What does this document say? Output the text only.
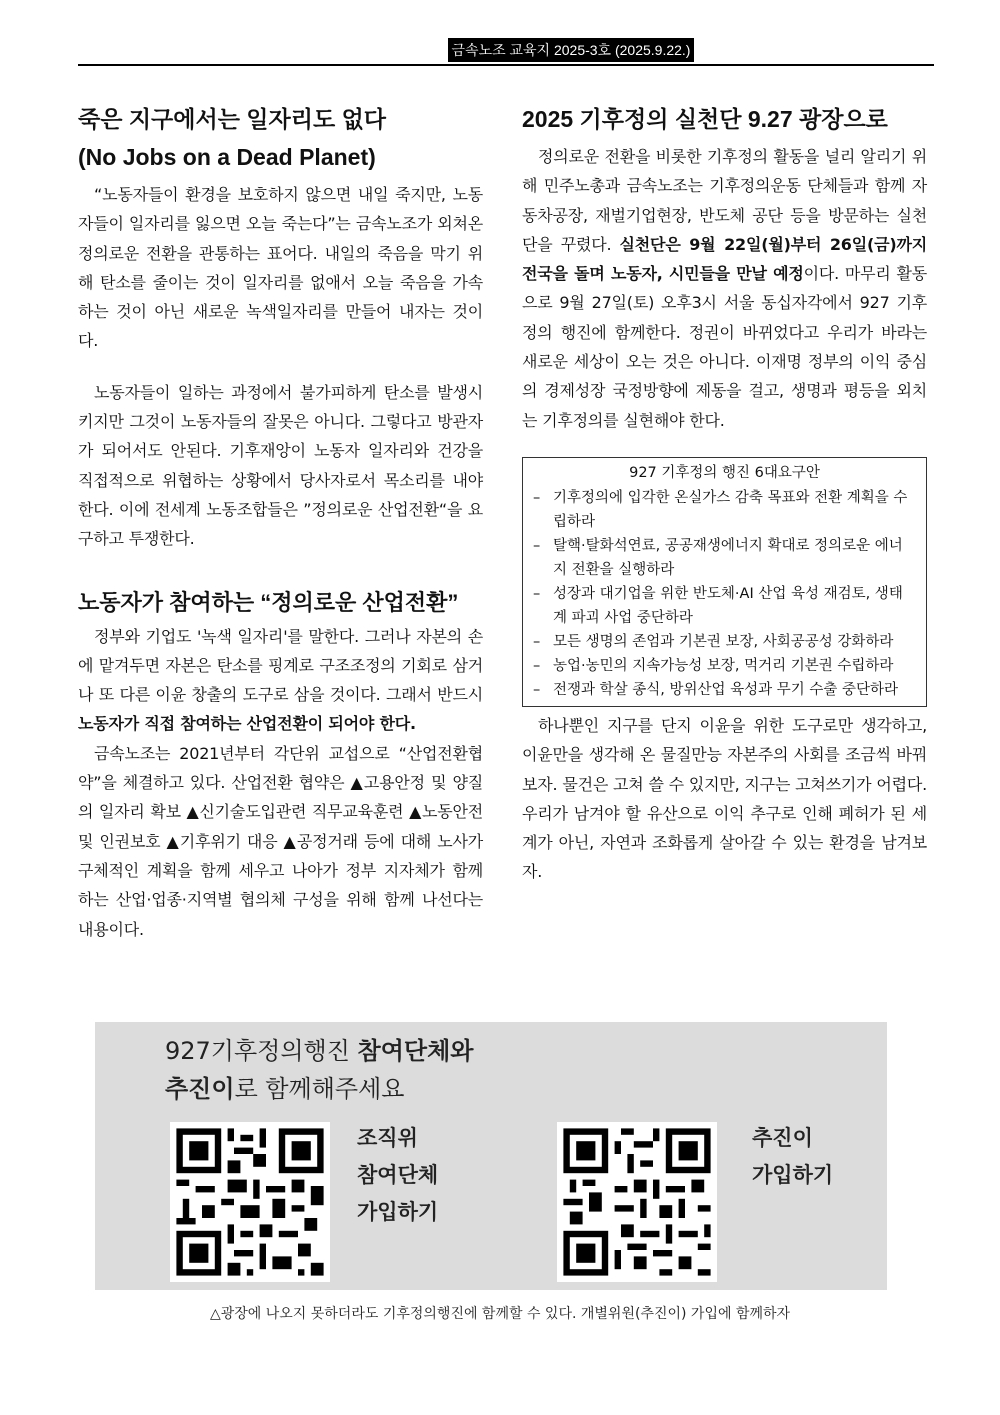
금속노조 교육지 2025-3호 (2025.9.22.)
죽은 지구에서는 일자리도 없다
(No Jobs on a Dead Planet)

“노동자들이 환경을 보호하지 않으면 내일 죽지만, 노동자들이 일자리를 잃으면 오늘 죽는다”는 금속노조가 외쳐온 정의로운 전환을 관통하는 표어다. 내일의 죽음을 막기 위해 탄소를 줄이는 것이 일자리를 없애서 오늘 죽음을 가속하는 것이 아닌 새로운 녹색일자리를 만들어 내자는 것이다.

노동자들이 일하는 과정에서 불가피하게 탄소를 발생시키지만 그것이 노동자들의 잘못은 아니다. 그렇다고 방관자가 되어서도 안된다. 기후재앙이 노동자 일자리와 건강을 직접적으로 위협하는 상황에서 당사자로서 목소리를 내야한다. 이에 전세계 노동조합들은 ”정의로운 산업전환“을 요구하고 투쟁한다.

노동자가 참여하는 “정의로운 산업전환”

정부와 기업도 '녹색 일자리'를 말한다. 그러나 자본의 손에 맡겨두면 자본은 탄소를 핑계로 구조조정의 기회로 삼거나 또 다른 이윤 창출의 도구로 삼을 것이다. 그래서 반드시 노동자가 직접 참여하는 산업전환이 되어야 한다.

금속노조는 2021년부터 각단위 교섭으로 “산업전환협약”을 체결하고 있다. 산업전환 협약은 ▲고용안정 및 양질의 일자리 확보 ▲신기술도입관련 직무교육훈련 ▲노동안전 및 인권보호 ▲기후위기 대응 ▲공정거래 등에 대해 노사가 구체적인 계획을 함께 세우고 나아가 정부 지자체가 함께 하는 산업·업종·지역별 협의체 구성을 위해 함께 나선다는 내용이다.

2025 기후정의 실천단 9.27 광장으로

정의로운 전환을 비롯한 기후정의 활동을 널리 알리기 위해 민주노총과 금속노조는 기후정의운동 단체들과 함께 자동차공장, 재벌기업현장, 반도체 공단 등을 방문하는 실천단을 꾸렸다. 실천단은 9월 22일(월)부터 26일(금)까지 전국을 돌며 노동자, 시민들을 만날 예정이다. 마무리 활동으로 9월 27일(토) 오후3시 서울 동십자각에서 927 기후정의 행진에 함께한다. 정권이 바뀌었다고 우리가 바라는 새로운 세상이 오는 것은 아니다. 이재명 정부의 이익 중심의 경제성장 국정방향에 제동을 걸고, 생명과 평등을 외치는 기후정의를 실현해야 한다.

927 기후정의 행진 6대요구안

– 기후정의에 입각한 온실가스 감축 목표와 전환 계획을 수립하라
– 탈핵·탈화석연료, 공공재생에너지 확대로 정의로운 에너지 전환을 실행하라
– 성장과 대기업을 위한 반도체·AI 산업 육성 재검토, 생태계 파괴 사업 중단하라
– 모든 생명의 존엄과 기본권 보장, 사회공공성 강화하라
– 농업·농민의 지속가능성 보장, 먹거리 기본권 수립하라
– 전쟁과 학살 종식, 방위산업 육성과 무기 수출 중단하라

하나뿐인 지구를 단지 이윤을 위한 도구로만 생각하고, 이윤만을 생각해 온 물질만능 자본주의 사회를 조금씩 바꿔보자. 물건은 고쳐 쓸 수 있지만, 지구는 고쳐쓰기가 어렵다. 우리가 남겨야 할 유산으로 이익 추구로 인해 폐허가 된 세계가 아닌, 자연과 조화롭게 살아갈 수 있는 환경을 남겨보자.

927기후정의행진 참여단체와
추진이로 함께해주세요
조직위
참여단체
가입하기
추진이
가입하기
△광장에 나오지 못하더라도 기후정의행진에 함께할 수 있다. 개별위원(추진이) 가입에 함께하자
